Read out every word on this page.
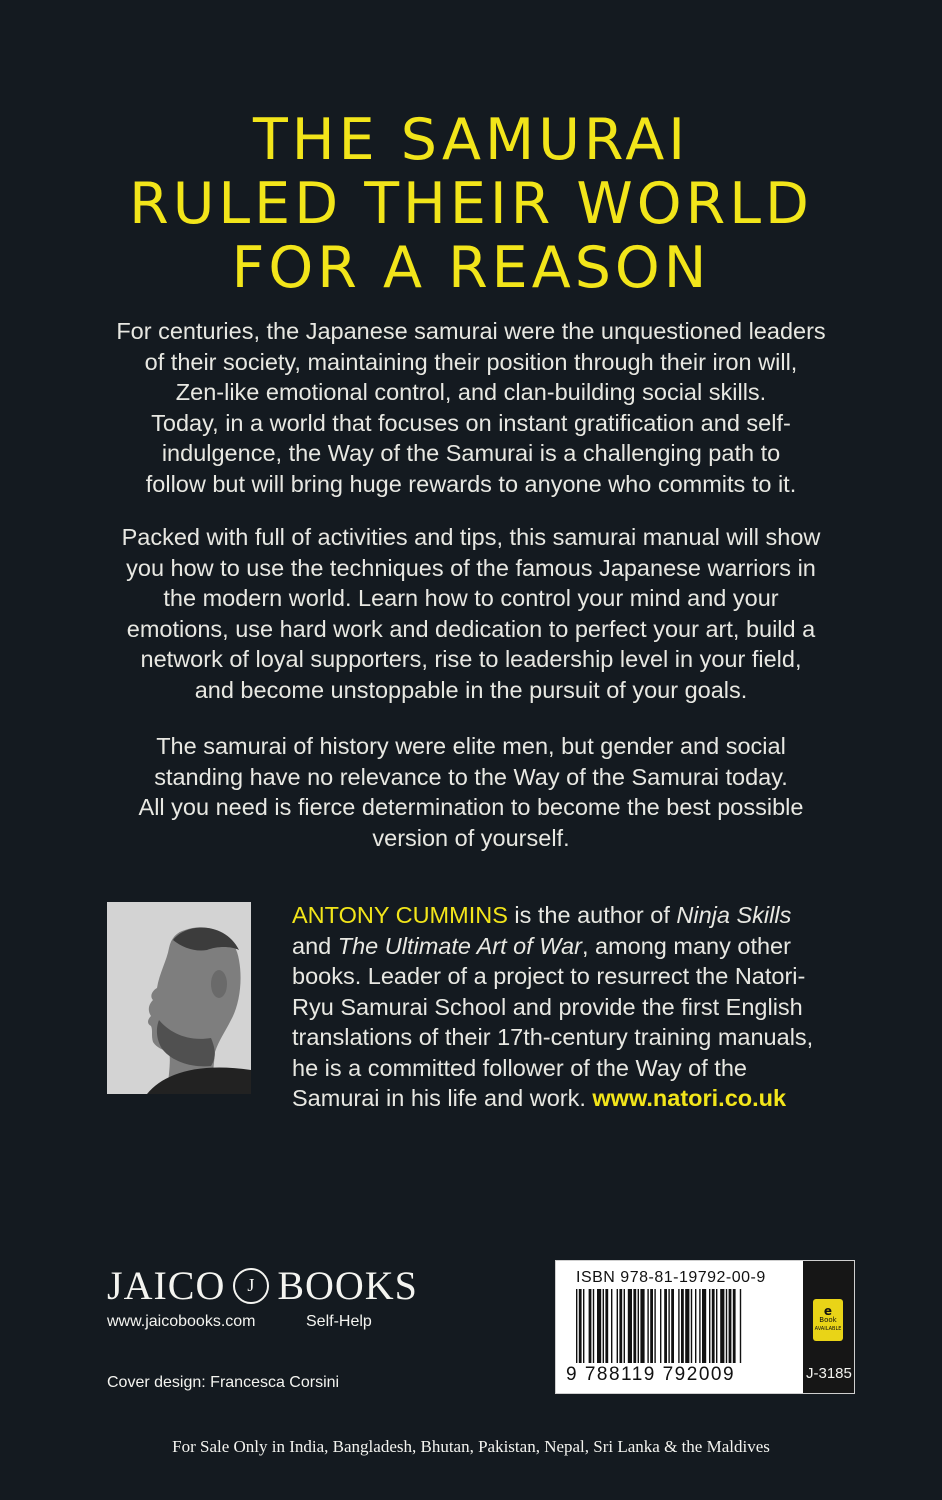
THE SAMURAI
RULED THEIR WORLD
FOR A REASON
For centuries, the Japanese samurai were the unquestioned leaders
of their society, maintaining their position through their iron will,
Zen-like emotional control, and clan-building social skills.
Today, in a world that focuses on instant gratification and self-
indulgence, the Way of the Samurai is a challenging path to
follow but will bring huge rewards to anyone who commits to it.
Packed with full of activities and tips, this samurai manual will show
you how to use the techniques of the famous Japanese warriors in
the modern world. Learn how to control your mind and your
emotions, use hard work and dedication to perfect your art, build a
network of loyal supporters, rise to leadership level in your field,
and become unstoppable in the pursuit of your goals.
The samurai of history were elite men, but gender and social
standing have no relevance to the Way of the Samurai today.
All you need is fierce determination to become the best possible
version of yourself.
ANTONY CUMMINS is the author of Ninja Skills
and The Ultimate Art of War, among many other
books. Leader of a project to resurrect the Natori-
Ryu Samurai School and provide the first English
translations of their 17th-century training manuals,
he is a committed follower of the Way of the
Samurai in his life and work. www.natori.co.uk
JAICO J BOOKS
www.jaicobooks.com	Self-Help
Cover design: Francesca Corsini
ISBN 978-81-19792-00-9
9 788119 792009
e
Book
AVAILABLE
J-3185
For Sale Only in India, Bangladesh, Bhutan, Pakistan, Nepal, Sri Lanka & the Maldives
